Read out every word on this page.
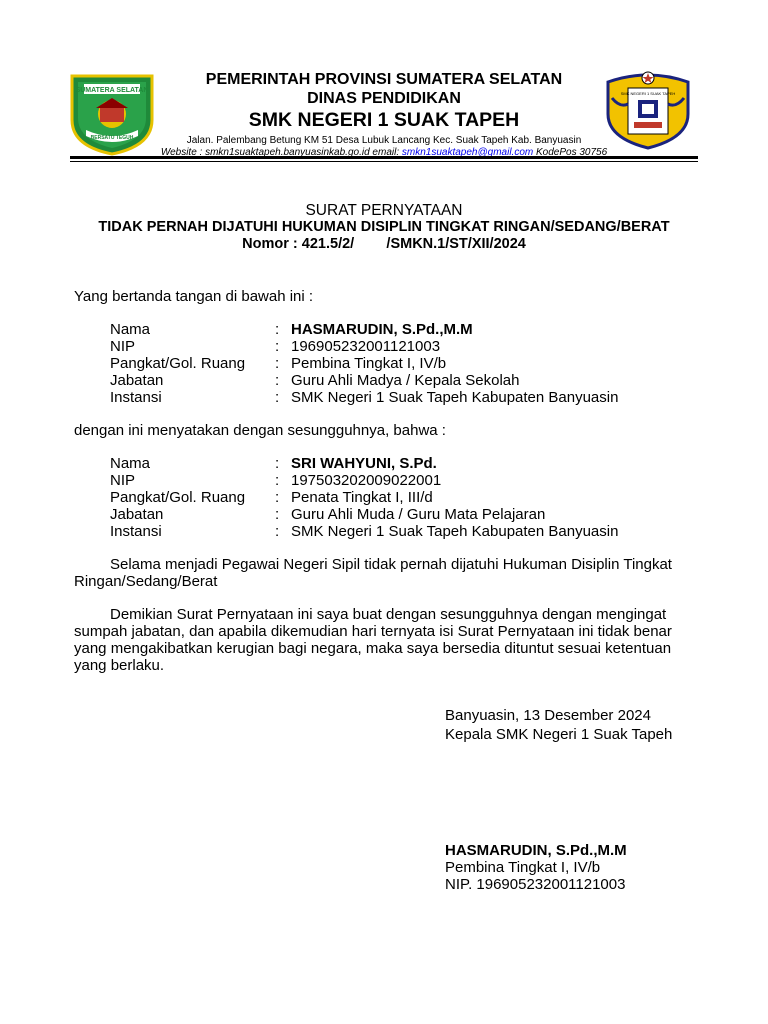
SUMATERA SELATAN
BERSATU TEGUH
SMK NEGERI 1 SUAK TAPEH
PEMERINTAH PROVINSI SUMATERA SELATAN
DINAS PENDIDIKAN
SMK NEGERI 1 SUAK TAPEH
Jalan. Palembang Betung KM 51 Desa Lubuk Lancang Kec. Suak Tapeh Kab. Banyuasin
Website : smkn1suaktapeh.banyuasinkab.go.id email: smkn1suaktapeh@gmail.com KodePos 30756
SURAT PERNYATAAN
TIDAK PERNAH DIJATUHI HUKUMAN DISIPLIN TINGKAT RINGAN/SEDANG/BERAT
Nomor : 421.5/2/        /SMKN.1/ST/XII/2024
Yang bertanda tangan di bawah ini :
Nama	: HASMARUDIN, S.Pd.,M.M
NIP	: 196905232001121003
Pangkat/Gol. Ruang	: Pembina Tingkat I, IV/b
Jabatan	: Guru Ahli Madya / Kepala Sekolah
Instansi	: SMK Negeri 1 Suak Tapeh Kabupaten Banyuasin
dengan ini menyatakan dengan sesungguhnya, bahwa :
Nama	: SRI WAHYUNI, S.Pd.
NIP	: 197503202009022001
Pangkat/Gol. Ruang	: Penata Tingkat I, III/d
Jabatan	: Guru Ahli Muda / Guru Mata Pelajaran
Instansi	: SMK Negeri 1 Suak Tapeh Kabupaten Banyuasin
Selama menjadi Pegawai Negeri Sipil tidak pernah dijatuhi Hukuman Disiplin Tingkat
Ringan/Sedang/Berat
Demikian Surat Pernyataan ini saya buat dengan sesungguhnya dengan mengingat
sumpah jabatan, dan apabila dikemudian hari ternyata isi Surat Pernyataan ini tidak benar
yang mengakibatkan kerugian bagi negara, maka saya bersedia dituntut sesuai ketentuan
yang berlaku.
Banyuasin, 13 Desember 2024
Kepala SMK Negeri 1 Suak Tapeh
HASMARUDIN, S.Pd.,M.M
Pembina Tingkat I, IV/b
NIP. 196905232001121003
